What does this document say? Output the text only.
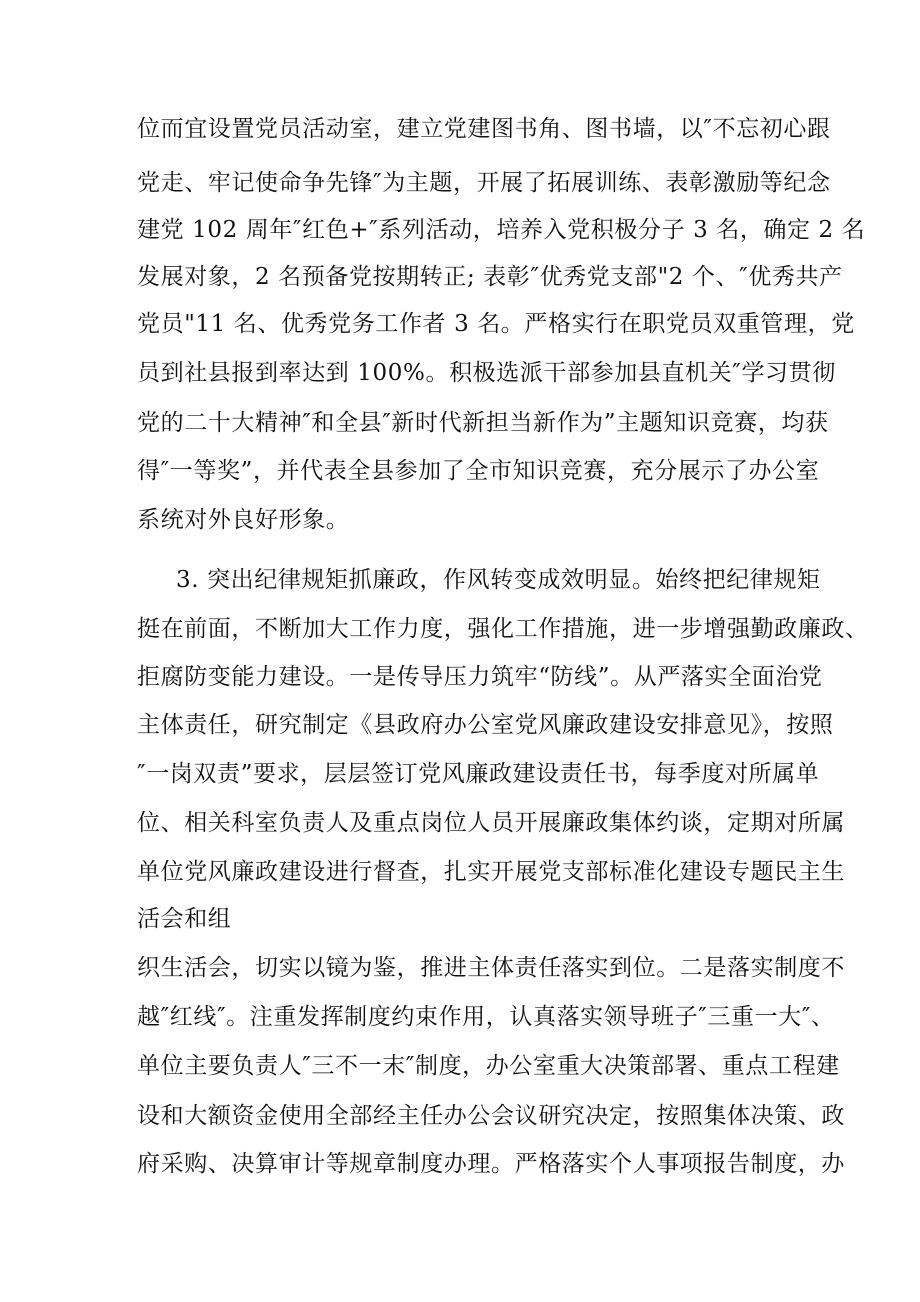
位而宜设置党员活动室，建立党建图书角、图书墙，以″不忘初心跟
党走、牢记使命争先锋″为主题，开展了拓展训练、表彰激励等纪念
建党 102 周年″红色+″系列活动，培养入党积极分子 3 名，确定 2 名
发展对象，2 名预备党按期转正; 表彰″优秀党支部"2 个、″优秀共产
党员"11 名、优秀党务工作者 3 名。严格实行在职党员双重管理，党
员到社县报到率达到 100%。积极选派干部参加县直机关″学习贯彻
党的二十大精神″和全县″新时代新担当新作为”主题知识竞赛，均获
得″一等奖”，并代表全县参加了全市知识竞赛，充分展示了办公室
系统对外良好形象。
3. 突出纪律规矩抓廉政，作风转变成效明显。始终把纪律规矩
挺在前面，不断加大工作力度，强化工作措施，进一步增强勤政廉政、
拒腐防变能力建设。一是传导压力筑牢“防线”。从严落实全面治党
主体责任，研究制定《县政府办公室党风廉政建设安排意见》，按照
″一岗双责”要求，层层签订党风廉政建设责任书，每季度对所属单
位、相关科室负责人及重点岗位人员开展廉政集体约谈，定期对所属
单位党风廉政建设进行督查，扎实开展党支部标准化建设专题民主生
活会和组
织生活会，切实以镜为鉴，推进主体责任落实到位。二是落实制度不
越″红线″。注重发挥制度约束作用，认真落实领导班子″三重一大″、
单位主要负责人″三不一末″制度，办公室重大决策部署、重点工程建
设和大额资金使用全部经主任办公会议研究决定，按照集体决策、政
府采购、决算审计等规章制度办理。严格落实个人事项报告制度，办
